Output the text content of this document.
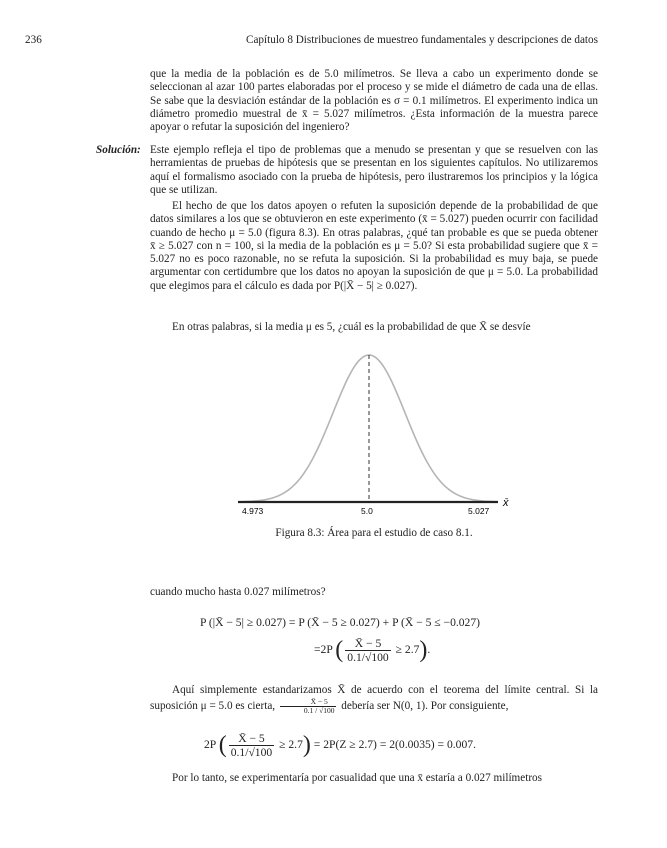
236	Capítulo 8 Distribuciones de muestreo fundamentales y descripciones de datos

que la media de la población es de 5.0 milímetros. Se lleva a cabo un experimento donde se seleccionan al azar 100 partes elaboradas por el proceso y se mide el diámetro de cada una de ellas. Se sabe que la desviación estándar de la población es σ = 0.1 milímetros. El experimento indica un diámetro promedio muestral de x̄ = 5.027 milímetros. ¿Esta información de la muestra parece apoyar o refutar la suposición del ingeniero?

Solución: Este ejemplo refleja el tipo de problemas que a menudo se presentan y que se resuelven con las herramientas de pruebas de hipótesis que se presentan en los siguientes capítulos. No utilizaremos aquí el formalismo asociado con la prueba de hipótesis, pero ilustraremos los principios y la lógica que se utilizan.

El hecho de que los datos apoyen o refuten la suposición depende de la probabilidad de que datos similares a los que se obtuvieron en este experimento (x̄ = 5.027) pueden ocurrir con facilidad cuando de hecho μ = 5.0 (figura 8.3). En otras palabras, ¿qué tan probable es que se pueda obtener x̄ ≥ 5.027 con n = 100, si la media de la población es μ = 5.0? Si esta probabilidad sugiere que x̄ = 5.027 no es poco razonable, no se refuta la suposición. Si la probabilidad es muy baja, se puede argumentar con certidumbre que los datos no apoyan la suposición de que μ = 5.0. La probabilidad que elegimos para el cálculo es dada por P(|X̄ − 5| ≥ 0.027).

En otras palabras, si la media μ es 5, ¿cuál es la probabilidad de que X̄ se desvíe

x̄
4.973	5.0	5.027
Figura 8.3: Área para el estudio de caso 8.1.

cuando mucho hasta 0.027 milímetros?

P (|X̄ − 5| ≥ 0.027) = P (X̄ − 5 ≥ 0.027) + P (X̄ − 5 ≤ −0.027)
=2P ( $\frac{X̄ - 5}{0.1/√100} \ge 2.7$).

Aquí simplemente estandarizamos X̄ de acuerdo con el teorema del límite central. Si la suposición μ = 5.0 es cierta, $\frac{X̄ - 5}{0.1 / √100}$ debería ser N(0, 1). Por consiguiente,

2P ( $\frac{X̄ - 5}{0.1/√100} \ge 2.7) = 2P(Z \ge 2.7) = 2(0.0035) = 0.007$.

Por lo tanto, se experimentaría por casualidad que una x̄ estaría a 0.027 milímetros
